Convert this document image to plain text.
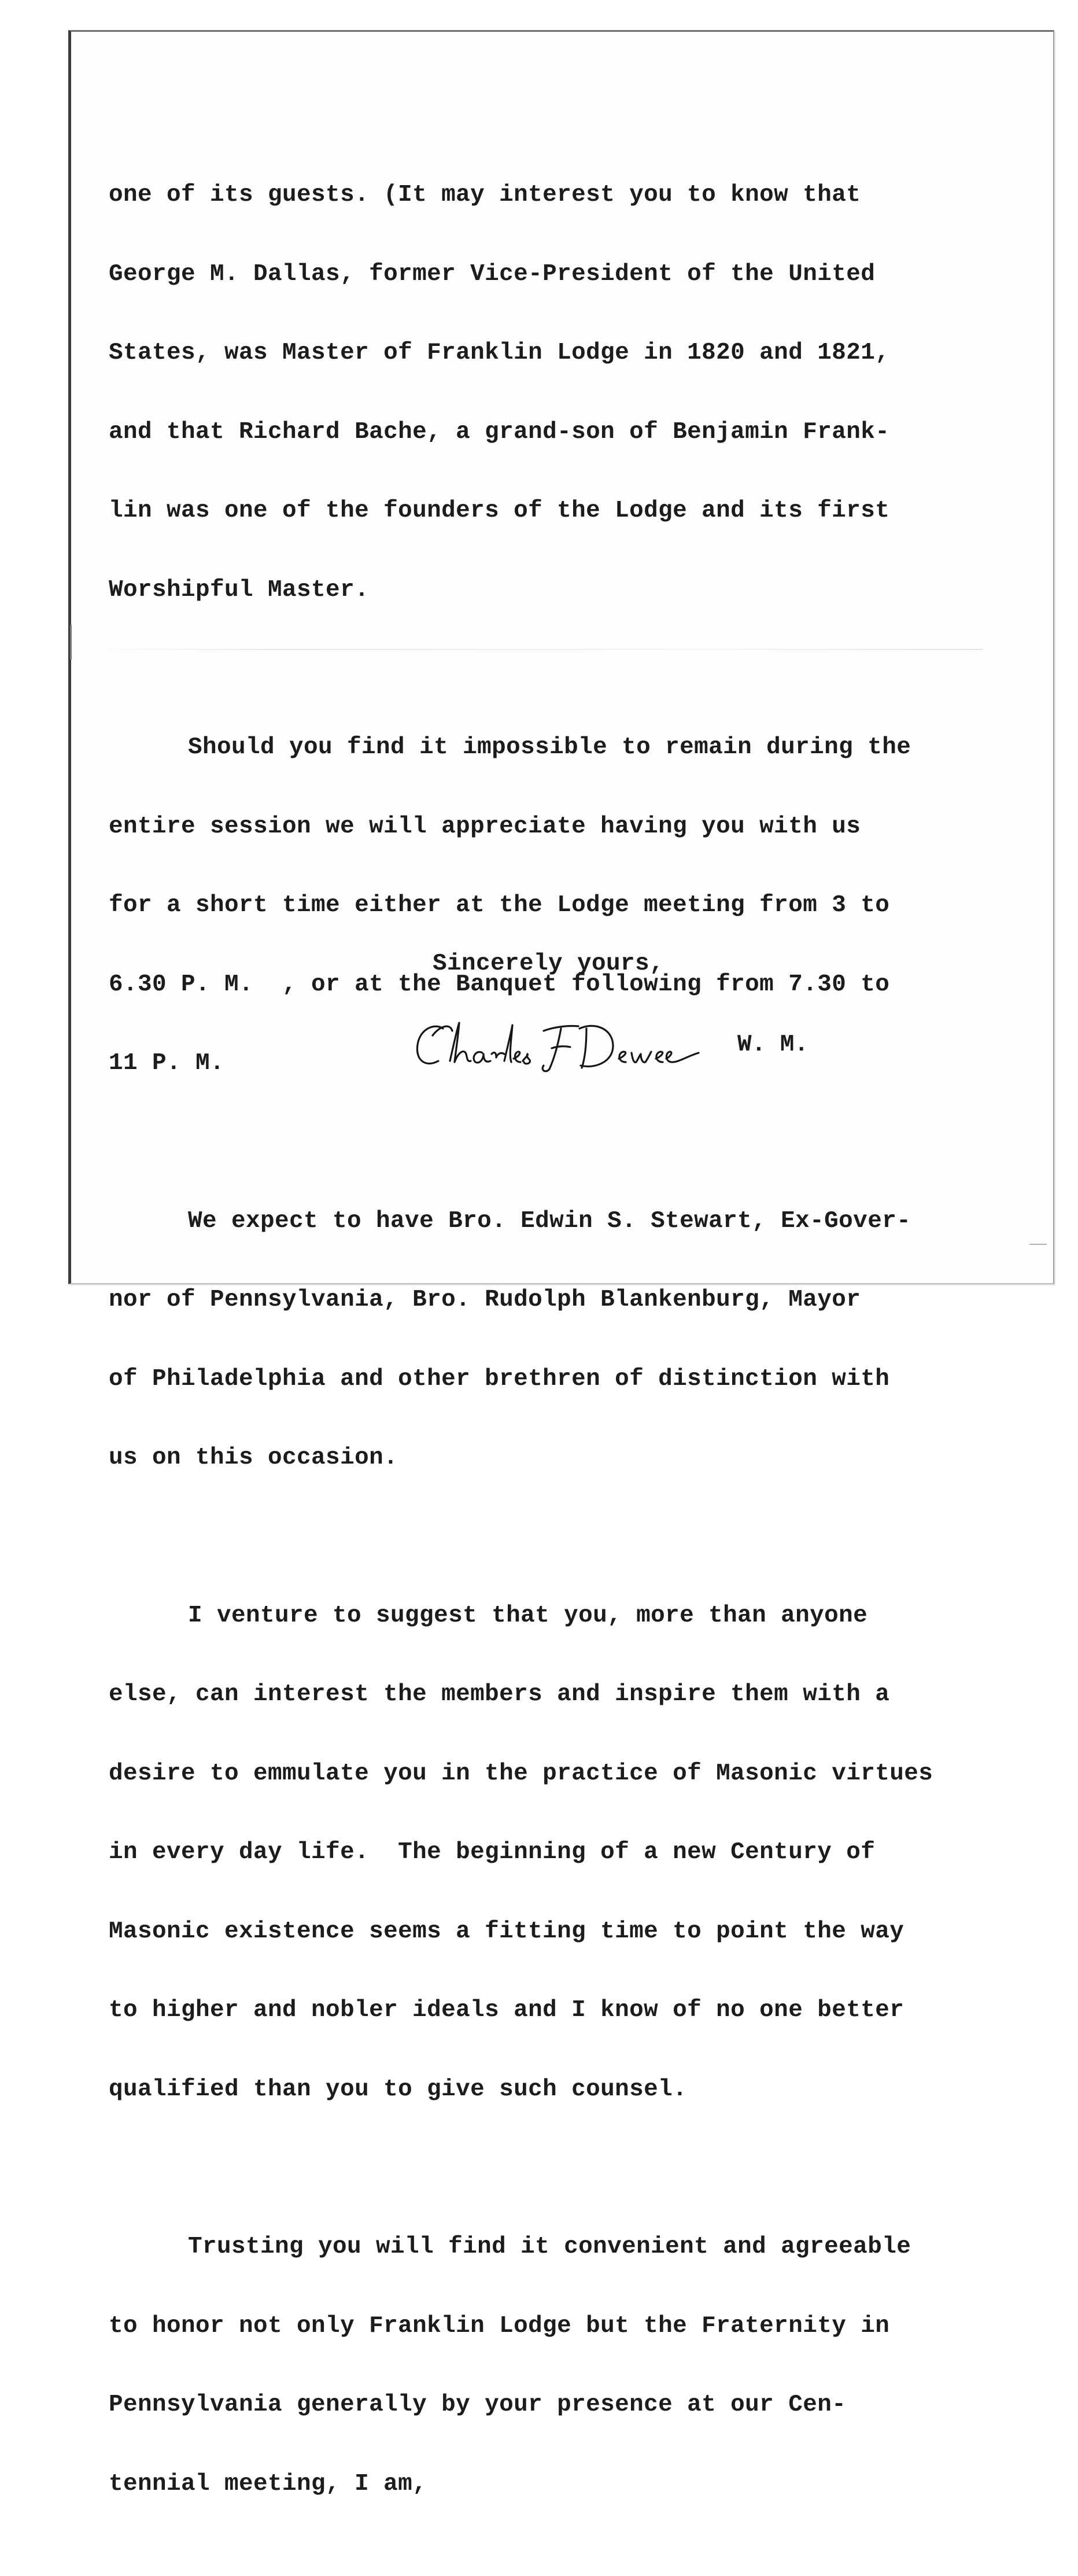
one of its guests. (It may interest you to know that

George M. Dallas, former Vice-President of the United

States, was Master of Franklin Lodge in 1820 and 1821,

and that Richard Bache, a grand-son of Benjamin Frank-

lin was one of the founders of the Lodge and its first

Worshipful Master.

Should you find it impossible to remain during the

entire session we will appreciate having you with us

for a short time either at the Lodge meeting from 3 to

6.30 P. M.  , or at the Banquet following from 7.30 to

11 P. M.

We expect to have Bro. Edwin S. Stewart, Ex-Gover-

nor of Pennsylvania, Bro. Rudolph Blankenburg, Mayor

of Philadelphia and other brethren of distinction with

us on this occasion.

I venture to suggest that you, more than anyone

else, can interest the members and inspire them with a

desire to emmulate you in the practice of Masonic virtues

in every day life.  The beginning of a new Century of

Masonic existence seems a fitting time to point the way

to higher and nobler ideals and I know of no one better

qualified than you to give such counsel.

Trusting you will find it convenient and agreeable

to honor not only Franklin Lodge but the Fraternity in

Pennsylvania generally by your presence at our Cen-

tennial meeting, I am,

Sincerely yours,
W. M.
